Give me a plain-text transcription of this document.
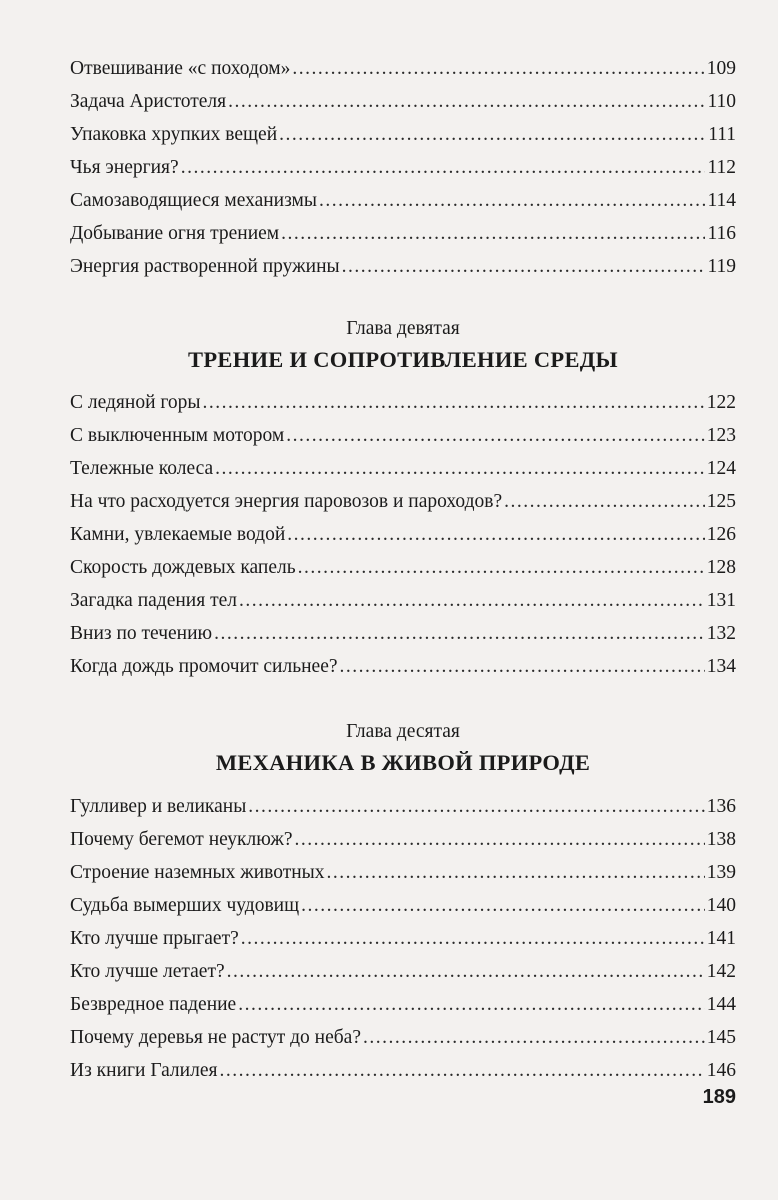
Отвешивание «с походом» .....	109
Задача Аристотеля .....	110
Упаковка хрупких вещей .....	111
Чья энергия? .....	112
Самозаводящиеся механизмы .....	114
Добывание огня трением .....	116
Энергия растворенной пружины .....	119
Глава девятая
ТРЕНИЕ И СОПРОТИВЛЕНИЕ СРЕДЫ
С ледяной горы .....	122
С выключенным мотором .....	123
Тележные колеса .....	124
На что расходуется энергия паровозов и пароходов? .....	125
Камни, увлекаемые водой .....	126
Скорость дождевых капель .....	128
Загадка падения тел .....	131
Вниз по течению .....	132
Когда дождь промочит сильнее? .....	134
Глава десятая
МЕХАНИКА В ЖИВОЙ ПРИРОДЕ
Гулливер и великаны .....	136
Почему бегемот неуклюж? .....	138
Строение наземных животных .....	139
Судьба вымерших чудовищ .....	140
Кто лучше прыгает? .....	141
Кто лучше летает? .....	142
Безвредное падение .....	144
Почему деревья не растут до неба? .....	145
Из книги Галилея .....	146
189
